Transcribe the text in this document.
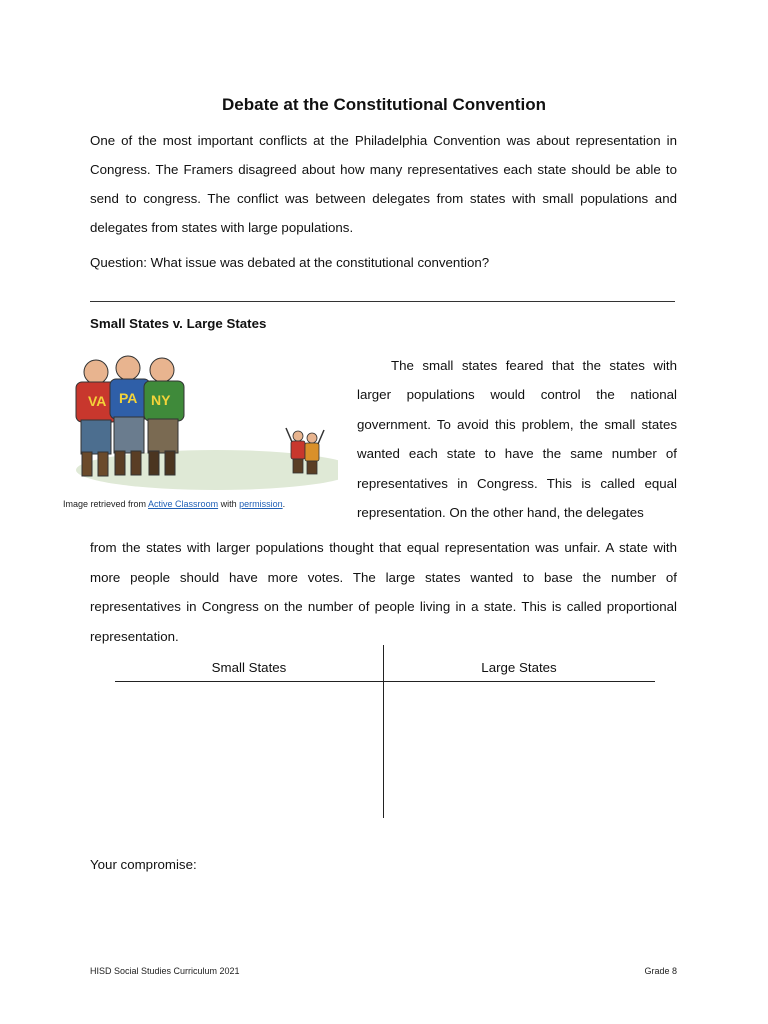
Debate at the Constitutional Convention

One of the most important conflicts at the Philadelphia Convention was about representation in Congress. The Framers disagreed about how many representatives each state should be able to send to congress. The conflict was between delegates from states with small populations and delegates from states with large populations.

Question: What issue was debated at the constitutional convention?
Small States v. Large States
VA PA NY
Image retrieved from Active Classroom with permission.

The small states feared that the states with larger populations would control the national government. To avoid this problem, the small states wanted each state to have the same number of representatives in Congress. This is called equal representation. On the other hand, the delegates

from the states with larger populations thought that equal representation was unfair. A state with more people should have more votes. The large states wanted to base the number of representatives in Congress on the number of people living in a state. This is called proportional representation.

Small States	Large States
Your compromise:
HISD Social Studies Curriculum 2021	Grade 8
